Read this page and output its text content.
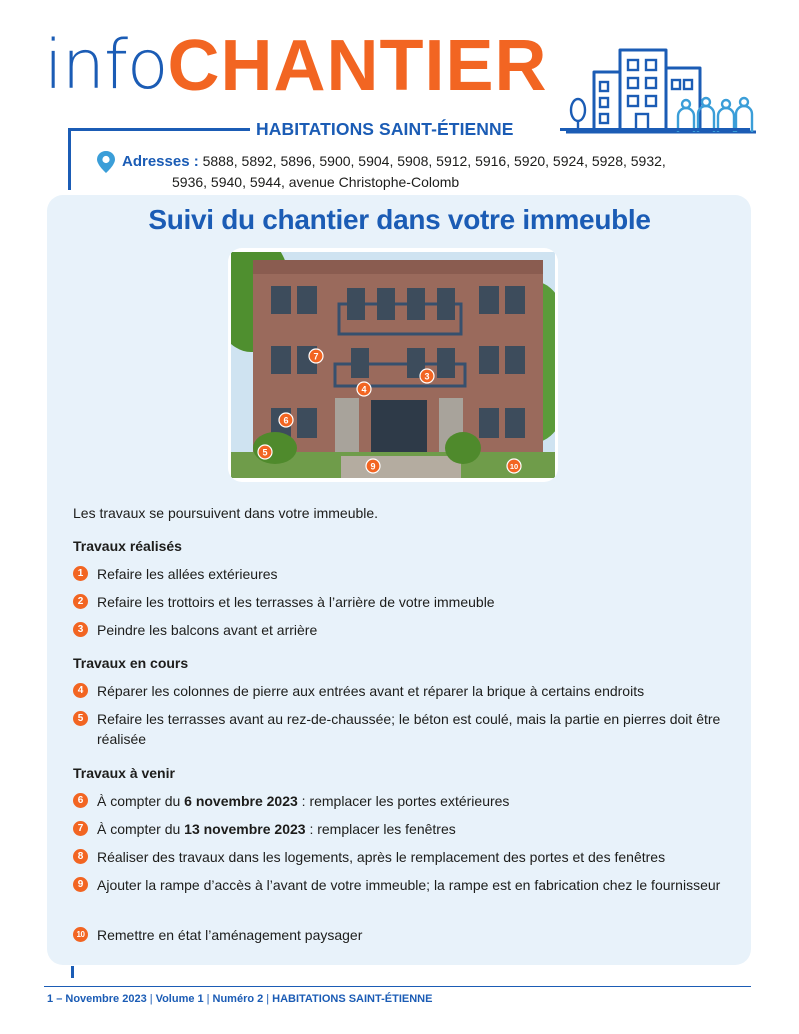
infoCHANTIER
HABITATIONS SAINT-ÉTIENNE
Adresses : 5888, 5892, 5896, 5900, 5904, 5908, 5912, 5916, 5920, 5924, 5928, 5932,
5936, 5940, 5944, avenue Christophe-Colomb
Suivi du chantier dans votre immeuble
7
4
3
6
5
9	10
Les travaux se poursuivent dans votre immeuble.
Travaux réalisés
1 Refaire les allées extérieures
2 Refaire les trottoirs et les terrasses à l’arrière de votre immeuble
3 Peindre les balcons avant et arrière
Travaux en cours
4 Réparer les colonnes de pierre aux entrées avant et réparer la brique à certains endroits
5 Refaire les terrasses avant au rez-de-chaussée; le béton est coulé, mais la partie en pierres doit être réalisée
Travaux à venir
6 À compter du 6 novembre 2023 : remplacer les portes extérieures
7 À compter du 13 novembre 2023 : remplacer les fenêtres
8 Réaliser des travaux dans les logements, après le remplacement des portes et des fenêtres
9 Ajouter la rampe d’accès à l’avant de votre immeuble; la rampe est en fabrication chez le fournisseur
10 Remettre en état l’aménagement paysager
1 – Novembre 2023 | Volume 1 | Numéro 2 | HABITATIONS SAINT-ÉTIENNE
